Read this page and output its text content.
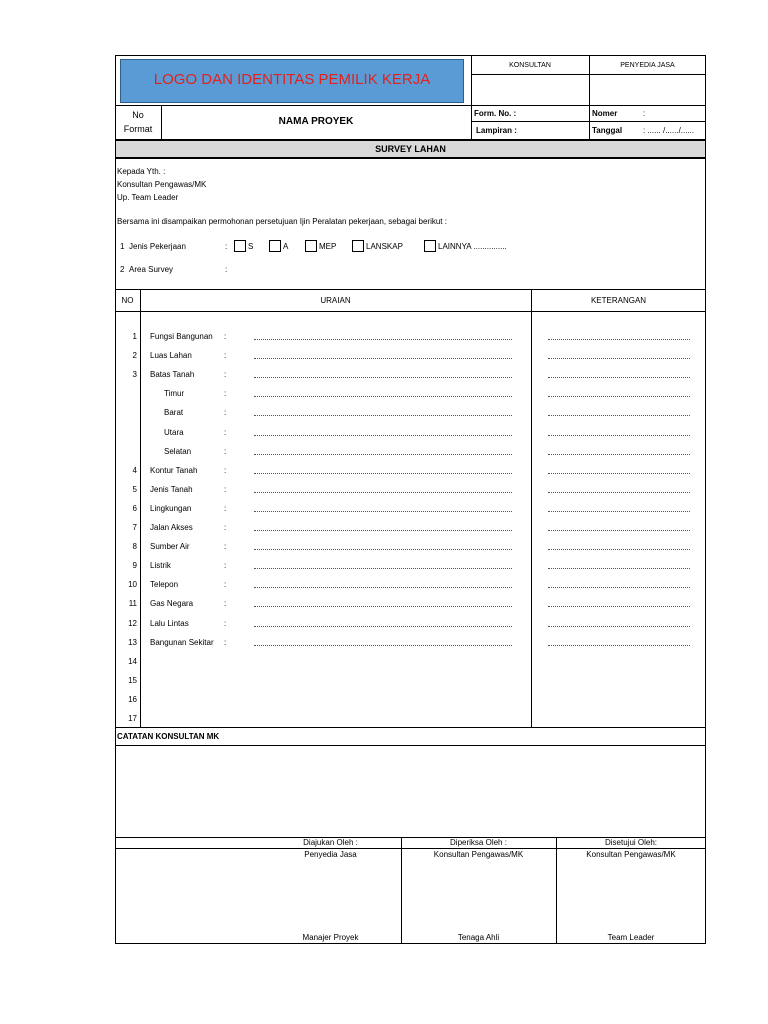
LOGO DAN IDENTITAS PEMILIK KERJA
KONSULTAN	PENYEDIA JASA
No
Format
NAMA PROYEK
Form. No. :
Lampiran :
Nomer	:
Tanggal	: ...... /....../......
SURVEY LAHAN
Kepada Yth. :
Konsultan Pengawas/MK
Up. Team Leader
Bersama ini disampaikan permohonan persetujuan Ijin Peralatan pekerjaan, sebagai berikut :
1 Jenis Pekerjaan	:	S	A	MEP	LANSKAP	LAINNYA ...............
2 Area Survey	:
NO	URAIAN	KETERANGAN
1 Fungsi Bangunan :
2 Luas Lahan	:
3 Batas Tanah	:
Timur	:
Barat	:
Utara	:
Selatan	:
4 Kontur Tanah	:
5 Jenis Tanah	:
6 Lingkungan	:
7 Jalan Akses	:
8 Sumber Air	:
9 Listrik	:
10 Telepon	:
11 Gas Negara	:
12 Lalu Lintas	:
13 Bangunan Sekitar :
14
15
16
17
CATATAN KONSULTAN MK
Diajukan Oleh :	Diperiksa Oleh :	Disetujui Oleh:
Penyedia Jasa	Konsultan Pengawas/MK	Konsultan Pengawas/MK
Manajer Proyek	Tenaga Ahli	Team Leader
